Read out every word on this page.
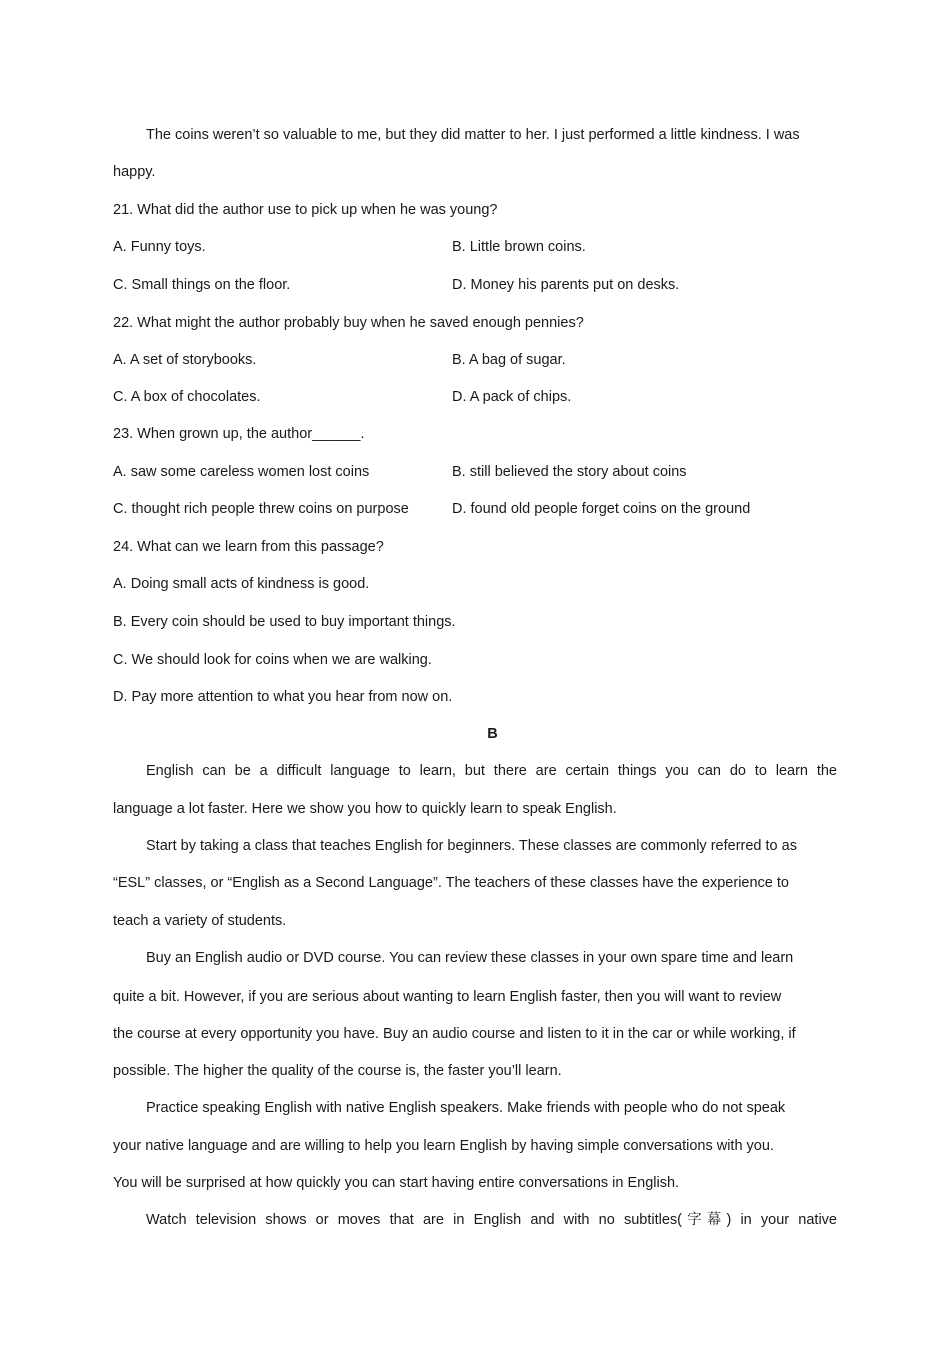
The coins weren’t so valuable to me, but they did matter to her. I just performed a little kindness. I was
happy.
21. What did the author use to pick up when he was young?
A. Funny toys.	B. Little brown coins.
C. Small things on the floor.	D. Money his parents put on desks.
22. What might the author probably buy when he saved enough pennies?
A. A set of storybooks.	B. A bag of sugar.
C. A box of chocolates.	D. A pack of chips.
23. When grown up, the author______.
A. saw some careless women lost coins	B. still believed the story about coins
C. thought rich people threw coins on purpose	D. found old people forget coins on the ground
24. What can we learn from this passage?
A. Doing small acts of kindness is good.
B. Every coin should be used to buy important things.
C. We should look for coins when we are walking.
D. Pay more attention to what you hear from now on.
B
English can be a difficult language to learn, but there are certain things you can do to learn the
language a lot faster. Here we show you how to quickly learn to speak English.
Start by taking a class that teaches English for beginners. These classes are commonly referred to as
“ESL” classes, or “English as a Second Language”. The teachers of these classes have the experience to
teach a variety of students.
Buy an English audio or DVD course. You can review these classes in your own spare time and learn
quite a bit. However, if you are serious about wanting to learn English faster, then you will want to review
the course at every opportunity you have. Buy an audio course and listen to it in the car or while working, if
possible. The higher the quality of the course is, the faster you’ll learn.
Practice speaking English with native English speakers. Make friends with people who do not speak
your native language and are willing to help you learn English by having simple conversations with you.
You will be surprised at how quickly you can start having entire conversations in English.
Watch television shows or moves that are in English and with no subtitles(字幕) in your native
